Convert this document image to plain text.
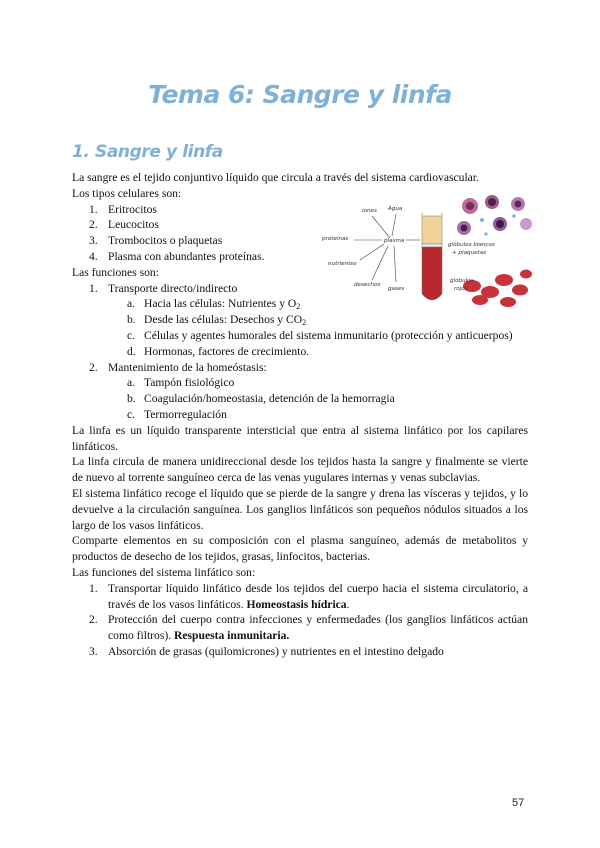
Tema 6: Sangre y linfa
1. Sangre y linfa
iones Agua
proteínas	plasma
nutrientes
desechos
gases
glóbulos blancos
+ plaquetas
glóbulos
rojos

La sangre es el tejido conjuntivo líquido que circula a través del sistema cardiovascular.

Los tipos celulares son:

1. Eritrocitos
2. Leucocitos
3. Trombocitos o plaquetas
4. Plasma con abundantes proteínas.

Las funciones son:

1. Transporte directo/indirecto
a. Hacia las células: Nutrientes y $O_2$
b. Desde las células: Desechos y $CO_2$
c. Células y agentes humorales del sistema inmunitario (protección y anticuerpos)
d. Hormonas, factores de crecimiento.
2. Mantenimiento de la homeóstasis:
a. Tampón fisiológico
b. Coagulación/homeostasia, detención de la hemorragia
c. Termorregulación

La linfa es un líquido transparente intersticial que entra al sistema linfático por los capilares linfáticos.

La linfa circula de manera unidireccional desde los tejidos hasta la sangre y finalmente se vierte de nuevo al torrente sanguíneo cerca de las venas yugulares internas y venas subclavias.

El sistema linfático recoge el líquido que se pierde de la sangre y drena las vísceras y tejidos, y lo devuelve a la circulación sanguínea. Los ganglios linfáticos son pequeños nódulos situados a los largo de los vasos linfáticos.

Comparte elementos en su composición con el plasma sanguíneo, además de metabolitos y productos de desecho de los tejidos, grasas, linfocitos, bacterias.

Las funciones del sistema linfático son:

1. Transportar líquido linfático desde los tejidos del cuerpo hacia el sistema circulatorio, a través de los vasos linfáticos. Homeostasis hídrica.
2. Protección del cuerpo contra infecciones y enfermedades (los ganglios linfáticos actúan como filtros). Respuesta inmunitaria.
3. Absorción de grasas (quilomicrones) y nutrientes en el intestino delgado
57
